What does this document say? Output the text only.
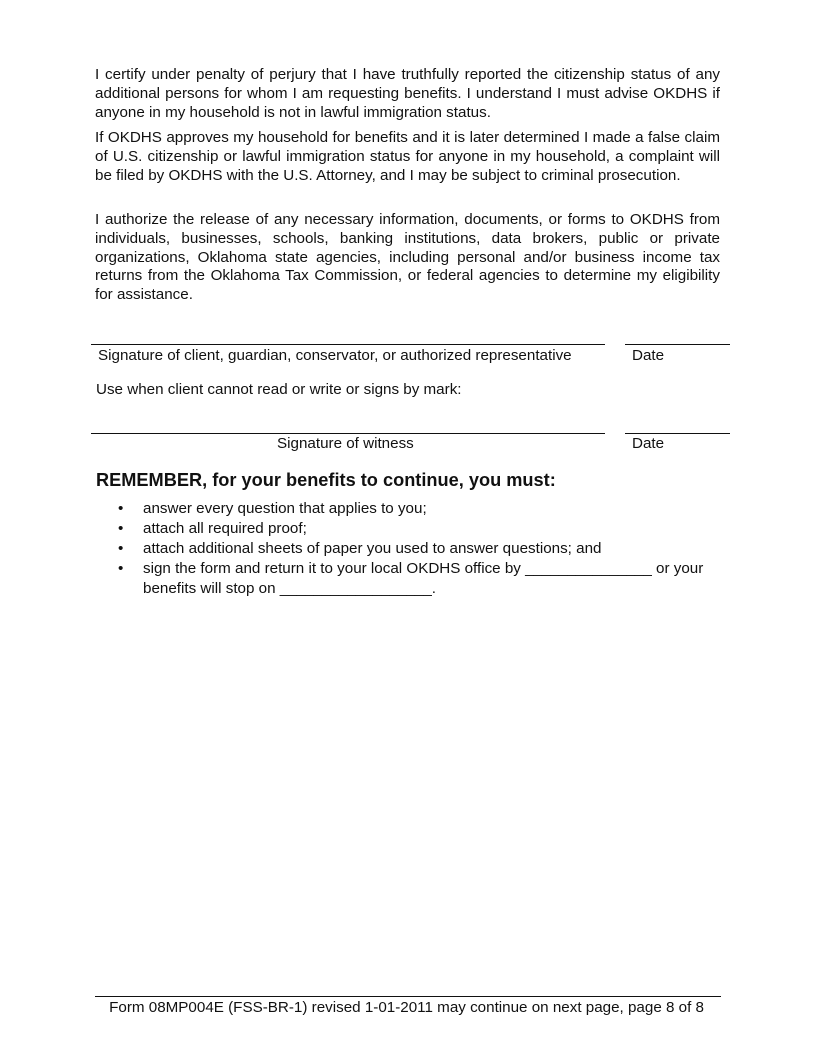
I certify under penalty of perjury that I have truthfully reported the citizenship status of any additional persons for whom I am requesting benefits. I understand I must advise OKDHS if anyone in my household is not in lawful immigration status.

If OKDHS approves my household for benefits and it is later determined I made a false claim of U.S. citizenship or lawful immigration status for anyone in my household, a complaint will be filed by OKDHS with the U.S. Attorney, and I may be subject to criminal prosecution.

I authorize the release of any necessary information, documents, or forms to OKDHS from individuals, businesses, schools, banking institutions, data brokers, public or private organizations, Oklahoma state agencies, including personal and/or business income tax returns from the Oklahoma Tax Commission, or federal agencies to determine my eligibility for assistance.

Signature of client, guardian, conservator, or authorized representative	Date
Use when client cannot read or write or signs by mark:
Signature of witness	Date
REMEMBER, for your benefits to continue, you must:
• answer every question that applies to you;
• attach all required proof;
• attach additional sheets of paper you used to answer questions; and
• sign the form and return it to your local OKDHS office by _______________ or your benefits will stop on __________________.
Form 08MP004E (FSS-BR-1) revised 1-01-2011 may continue on next page, page 8 of 8
